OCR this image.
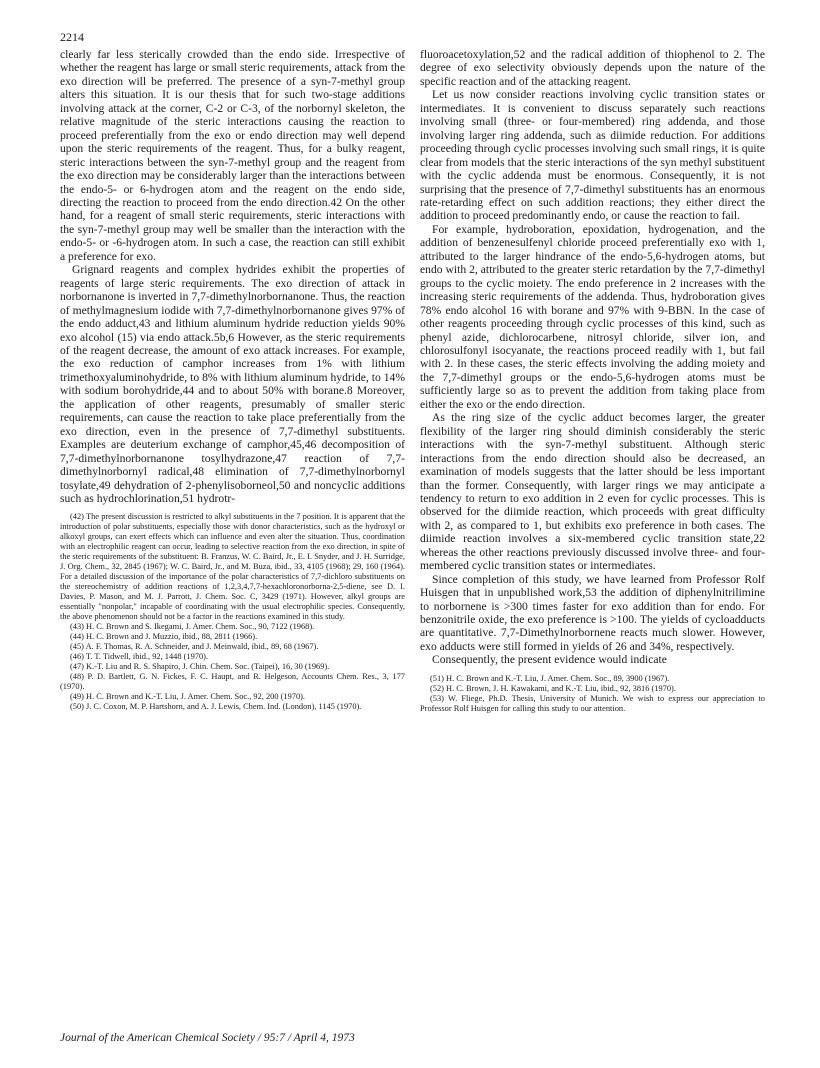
2214

clearly far less sterically crowded than the endo side. Irrespective of whether the reagent has large or small steric requirements, attack from the exo direction will be preferred. The presence of a syn-7-methyl group alters this situation. It is our thesis that for such two-stage additions involving attack at the corner, C-2 or C-3, of the norbornyl skeleton, the relative magnitude of the steric interactions causing the reaction to proceed preferentially from the exo or endo direction may well depend upon the steric requirements of the reagent. Thus, for a bulky reagent, steric interactions between the syn-7-methyl group and the reagent from the exo direction may be considerably larger than the interactions between the endo-5- or 6-hydrogen atom and the reagent on the endo side, directing the reaction to proceed from the endo direction.42 On the other hand, for a reagent of small steric requirements, steric interactions with the syn-7-methyl group may well be smaller than the interaction with the endo-5- or -6-hydrogen atom. In such a case, the reaction can still exhibit a preference for exo.

Grignard reagents and complex hydrides exhibit the properties of reagents of large steric requirements. The exo direction of attack in norbornanone is inverted in 7,7-dimethylnorbornanone. Thus, the reaction of methylmagnesium iodide with 7,7-dimethylnorbornanone gives 97% of the endo adduct,43 and lithium aluminum hydride reduction yields 90% exo alcohol (15) via endo attack.5b,6 However, as the steric requirements of the reagent decrease, the amount of exo attack increases. For example, the exo reduction of camphor increases from 1% with lithium trimethoxyaluminohydride, to 8% with lithium aluminum hydride, to 14% with sodium borohydride,44 and to about 50% with borane.8 Moreover, the application of other reagents, presumably of smaller steric requirements, can cause the reaction to take place preferentially from the exo direction, even in the presence of 7,7-dimethyl substituents. Examples are deuterium exchange of camphor,45,46 decomposition of 7,7-dimethylnorbornanone tosylhydrazone,47 reaction of 7,7-dimethylnorbornyl radical,48 elimination of 7,7-dimethylnorbornyl tosylate,49 dehydration of 2-phenylisoborneol,50 and noncyclic additions such as hydrochlorination,51 hydrotr-

(42) The present discussion is restricted to alkyl substituents in the 7 position. It is apparent that the introduction of polar substituents, especially those with donor characteristics, such as the hydroxyl or alkoxyl groups, can exert effects which can influence and even alter the situation. Thus, coordination with an electrophilic reagent can occur, leading to selective reaction from the exo direction, in spite of the steric requirements of the substituent: B. Franzus, W. C. Baird, Jr., E. I. Snyder, and J. H. Surridge, J. Org. Chem., 32, 2845 (1967); W. C. Baird, Jr., and M. Buza, ibid., 33, 4105 (1968); 29, 160 (1964). For a detailed discussion of the importance of the polar characteristics of 7,7-dichloro substituents on the stereochemistry of addition reactions of 1,2,3,4,7,7-hexachloronorborna-2,5-diene, see D. I. Davies, P. Mason, and M. J. Parrott, J. Chem. Soc. C, 3429 (1971). However, alkyl groups are essentially "nonpolar," incapable of coordinating with the usual electrophilic species. Consequently, the above phenomenon should not be a factor in the reactions examined in this study.

(43) H. C. Brown and S. Ikegami, J. Amer. Chem. Soc., 90, 7122 (1968).

(44) H. C. Brown and J. Muzzio, ibid., 88, 2811 (1966).

(45) A. F. Thomas, R. A. Schneider, and J. Meinwald, ibid., 89, 68 (1967).

(46) T. T. Tidwell, ibid., 92, 1448 (1970).

(47) K.-T. Liu and R. S. Shapiro, J. Chin. Chem. Soc. (Taipei), 16, 30 (1969).

(48) P. D. Bartlett, G. N. Fickes, F. C. Haupt, and R. Helgeson, Accounts Chem. Res., 3, 177 (1970).

(49) H. C. Brown and K.-T. Liu, J. Amer. Chem. Soc., 92, 200 (1970).

(50) J. C. Coxon, M. P. Hartshorn, and A. J. Lewis, Chem. Ind. (London), 1145 (1970).

fluoroacetoxylation,52 and the radical addition of thiophenol to 2. The degree of exo selectivity obviously depends upon the nature of the specific reaction and of the attacking reagent.

Let us now consider reactions involving cyclic transition states or intermediates. It is convenient to discuss separately such reactions involving small (three- or four-membered) ring addenda, and those involving larger ring addenda, such as diimide reduction. For additions proceeding through cyclic processes involving such small rings, it is quite clear from models that the steric interactions of the syn methyl substituent with the cyclic addenda must be enormous. Consequently, it is not surprising that the presence of 7,7-dimethyl substituents has an enormous rate-retarding effect on such addition reactions; they either direct the addition to proceed predominantly endo, or cause the reaction to fail.

For example, hydroboration, epoxidation, hydrogenation, and the addition of benzenesulfenyl chloride proceed preferentially exo with 1, attributed to the larger hindrance of the endo-5,6-hydrogen atoms, but endo with 2, attributed to the greater steric retardation by the 7,7-dimethyl groups to the cyclic moiety. The endo preference in 2 increases with the increasing steric requirements of the addenda. Thus, hydroboration gives 78% endo alcohol 16 with borane and 97% with 9-BBN. In the case of other reagents proceeding through cyclic processes of this kind, such as phenyl azide, dichlorocarbene, nitrosyl chloride, silver ion, and chlorosulfonyl isocyanate, the reactions proceed readily with 1, but fail with 2. In these cases, the steric effects involving the adding moiety and the 7,7-dimethyl groups or the endo-5,6-hydrogen atoms must be sufficiently large so as to prevent the addition from taking place from either the exo or the endo direction.

As the ring size of the cyclic adduct becomes larger, the greater flexibility of the larger ring should diminish considerably the steric interactions with the syn-7-methyl substituent. Although steric interactions from the endo direction should also be decreased, an examination of models suggests that the latter should be less important than the former. Consequently, with larger rings we may anticipate a tendency to return to exo addition in 2 even for cyclic processes. This is observed for the diimide reaction, which proceeds with great difficulty with 2, as compared to 1, but exhibits exo preference in both cases. The diimide reaction involves a six-membered cyclic transition state,22 whereas the other reactions previously discussed involve three- and four-membered cyclic transition states or intermediates.

Since completion of this study, we have learned from Professor Rolf Huisgen that in unpublished work,53 the addition of diphenylnitrilimine to norbornene is >300 times faster for exo addition than for endo. For benzonitrile oxide, the exo preference is >100. The yields of cycloadducts are quantitative. 7,7-Dimethylnorbornene reacts much slower. However, exo adducts were still formed in yields of 26 and 34%, respectively.

Consequently, the present evidence would indicate

(51) H. C. Brown and K.-T. Liu, J. Amer. Chem. Soc., 89, 3900 (1967).

(52) H. C. Brown, J. H. Kawakami, and K.-T. Liu, ibid., 92, 3816 (1970).

(53) W. Fliege, Ph.D. Thesis, University of Munich. We wish to express our appreciation to Professor Rolf Huisgen for calling this study to our attention.

Journal of the American Chemical Society / 95:7 / April 4, 1973
